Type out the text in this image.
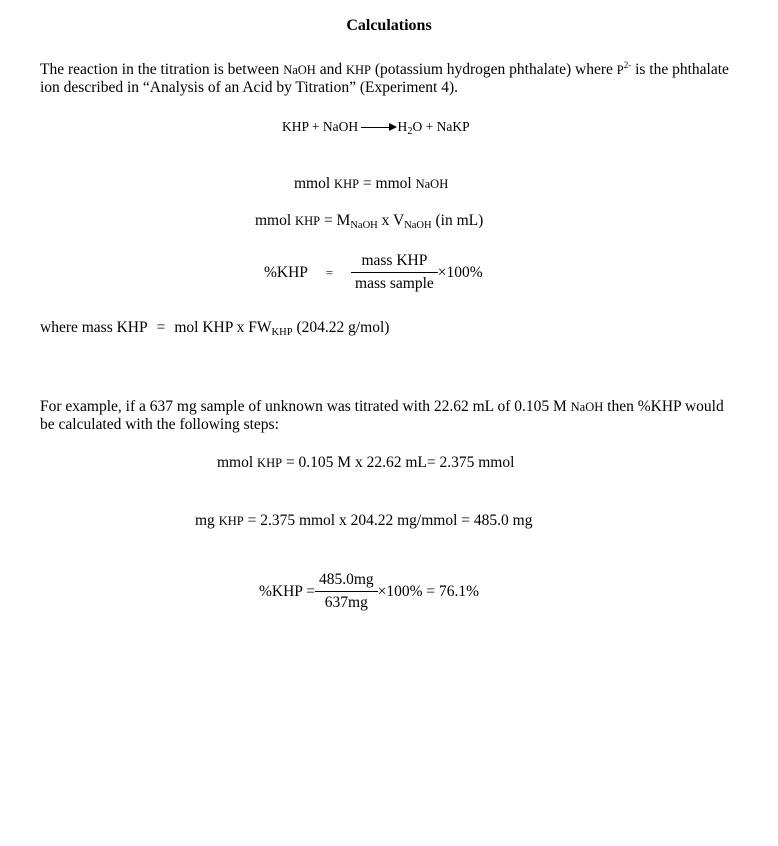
Calculations

The reaction in the titration is between NaOH and KHP (potassium hydrogen phthalate) where $P^{2-}$ is the phthalate ion described in “Analysis of an Acid by Titration” (Experiment 4).

KHP + NaOH	$H_2O$ + NaKP
mmol KHP = mmol NaOH
mmol KHP = $M_{NaOH}$ x $V_{NaOH}$ (in mL)
$\%KHP = \frac{\text{mass KHP}}{\text{mass sample}} \times 100\%$
where mass KHP = mol KHP x $FW_{KHP}$ (204.22 g/mol)

For example, if a 637 mg sample of unknown was titrated with 22.62 mL of 0.105 M NaOH then %KHP would be calculated with the following steps:

mmol KHP = 0.105 M x 22.62 mL= 2.375 mmol
mg KHP = 2.375 mmol x 204.22 mg/mmol = 485.0 mg
$\%KHP = \frac{485.0mg}{637mg} \times 100\% = 76.1\%$
